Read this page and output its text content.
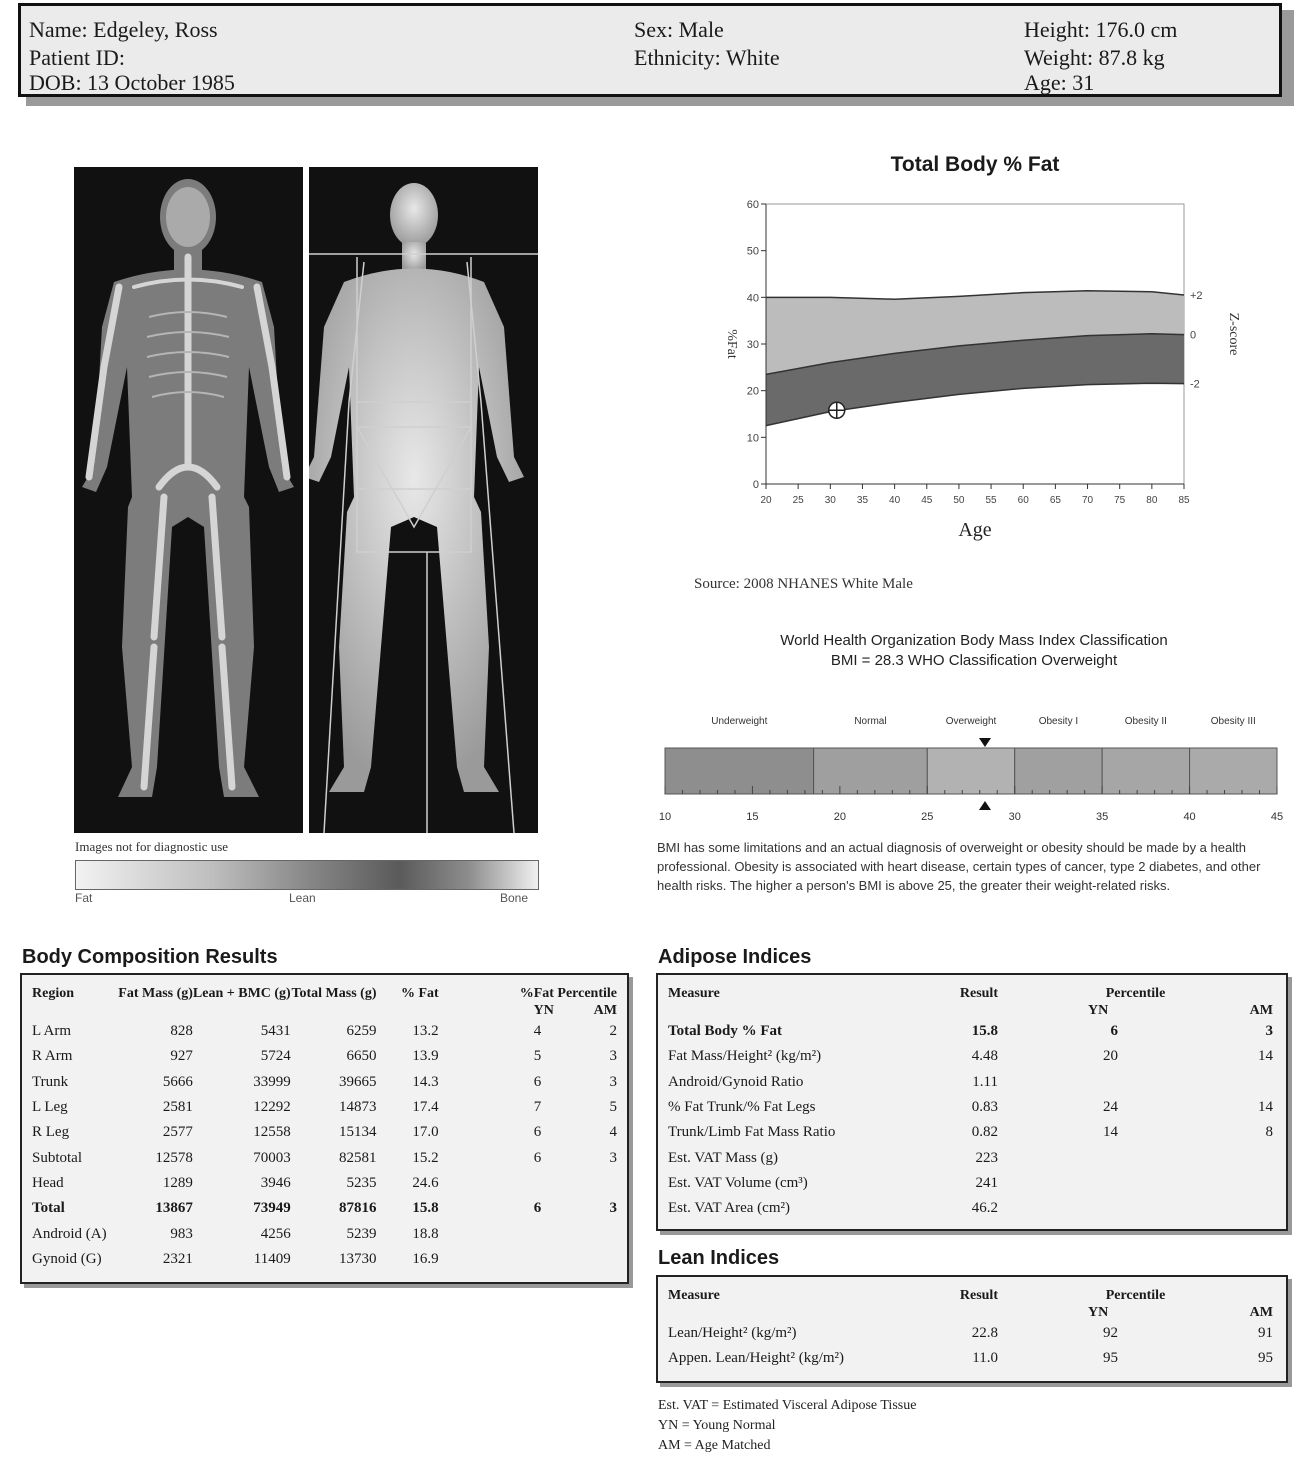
Name: Edgeley, Ross
Patient ID:
DOB: 13 October 1985
Sex: Male
Ethnicity: White
Height: 176.0 cm
Weight: 87.8 kg
Age: 31
Images not for diagnostic use
Fat	Lean	Bone
Total Body % Fat
0
10
20
30
40
50
60
20 25 30 35 40 45 50 55 60 65 70 75 80 85
+2
0
-2
Age
%Fat	Z-score
Source: 2008 NHANES White Male
World Health Organization Body Mass Index Classification
BMI = 28.3 WHO Classification Overweight
Underweight	Normal	Overweight	Obesity I	Obesity II	Obesity III
10	15	20	25	30	35	40	45
BMI has some limitations and an actual diagnosis of overweight or obesity should be made by a health professional. Obesity is associated with heart disease, certain types of cancer, type 2 diabetes, and other health risks. The higher a person's BMI is above 25, the greater their weight-related risks.
Body Composition Results
Region	Fat Mass (g)	Lean + BMC (g)	Total Mass (g)	% Fat	%Fat Percentile
YN AM	

L Arm	828	5431	6259	13.2	4	2
R Arm	927	5724	6650	13.9	5	3
Trunk	5666	33999	39665	14.3	6	3
L Leg	2581	12292	14873	17.4	7	5
R Leg	2577	12558	15134	17.0	6	4
Subtotal	12578	70003	82581	15.2	6	3
Head	1289	3946	5235	24.6		
Total	13867	73949	87816	15.8	6	3
Android (A)	983	4256	5239	18.8		
Gynoid (G)	2321	11409	13730	16.9		
Adipose Indices
Measure	Result	Percentile
YN AM	

Total Body % Fat	15.8	6	3
Fat Mass/Height² (kg/m²)	4.48	20	14
Android/Gynoid Ratio	1.11		
% Fat Trunk/% Fat Legs	0.83	24	14
Trunk/Limb Fat Mass Ratio	0.82	14	8
Est. VAT Mass (g)	223		
Est. VAT Volume (cm³)	241		
Est. VAT Area (cm²)	46.2		
Lean Indices
Measure	Result	Percentile
YN AM	

Lean/Height² (kg/m²)	22.8	92	91
Appen. Lean/Height² (kg/m²)	11.0	95	95
Est. VAT = Estimated Visceral Adipose Tissue
YN = Young Normal
AM = Age Matched
